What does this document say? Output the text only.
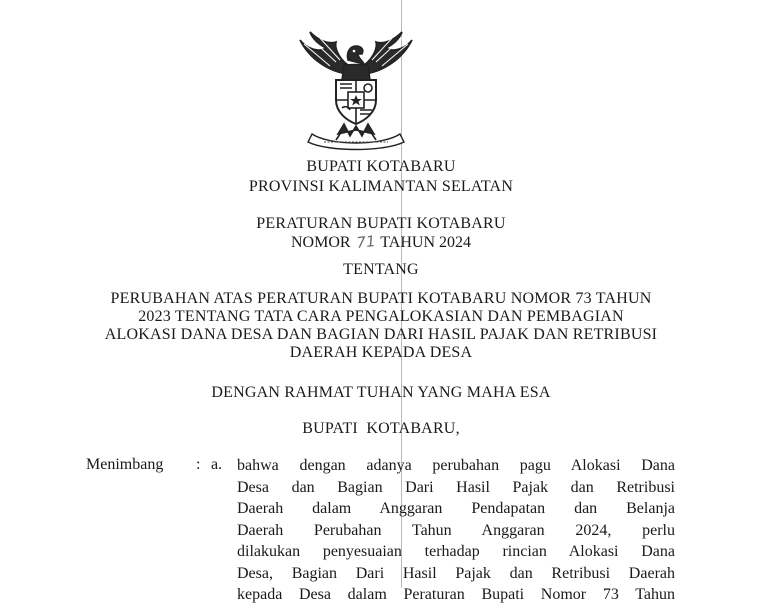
BUPATI KOTABARU
PROVINSI KALIMANTAN SELATAN
PERATURAN BUPATI KOTABARU
NOMOR 71 TAHUN 2024
TENTANG
PERUBAHAN ATAS PERATURAN BUPATI KOTABARU NOMOR 73 TAHUN
2023 TENTANG TATA CARA PENGALOKASIAN DAN PEMBAGIAN
ALOKASI DANA DESA DAN BAGIAN DARI HASIL PAJAK DAN RETRIBUSI
DAERAH KEPADA DESA
DENGAN RAHMAT TUHAN YANG MAHA ESA
BUPATI  KOTABARU,
Menimbang : a. bahwa dengan adanya perubahan pagu Alokasi Dana
Desa dan Bagian Dari Hasil Pajak dan Retribusi
Daerah dalam Anggaran Pendapatan dan Belanja
Daerah Perubahan Tahun Anggaran 2024, perlu
dilakukan penyesuaian terhadap rincian Alokasi Dana
Desa, Bagian Dari Hasil Pajak dan Retribusi Daerah
kepada Desa dalam Peraturan Bupati Nomor 73 Tahun
